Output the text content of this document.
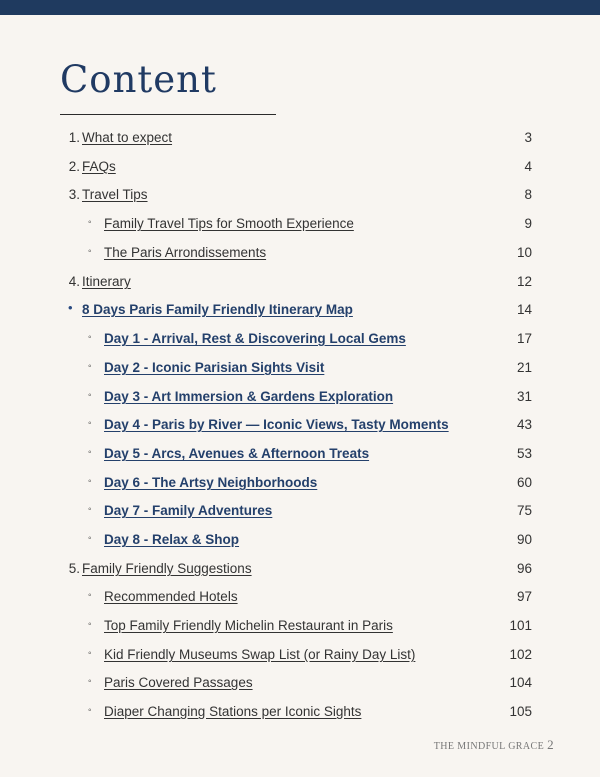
Content
1. What to expect	3
2. FAQs	4
3. Travel Tips	8
◦ Family Travel Tips for Smooth Experience	9
◦ The Paris Arrondissements	10
4. Itinerary	12
• 8 Days Paris Family Friendly Itinerary Map	14
◦ Day 1 - Arrival, Rest & Discovering Local Gems	17
◦ Day 2 - Iconic Parisian Sights Visit	21
◦ Day 3 - Art Immersion & Gardens Exploration	31
◦ Day 4 - Paris by River — Iconic Views, Tasty Moments	43
◦ Day 5 - Arcs, Avenues & Afternoon Treats	53
◦ Day 6 - The Artsy Neighborhoods	60
◦ Day 7 - Family Adventures	75
◦ Day 8 - Relax & Shop	90
5. Family Friendly Suggestions	96
◦ Recommended Hotels	97
◦ Top Family Friendly Michelin Restaurant in Paris	101
◦ Kid Friendly Museums Swap List (or Rainy Day List)	102
◦ Paris Covered Passages	104
◦ Diaper Changing Stations per Iconic Sights	105
THE MINDFUL GRACE 2
